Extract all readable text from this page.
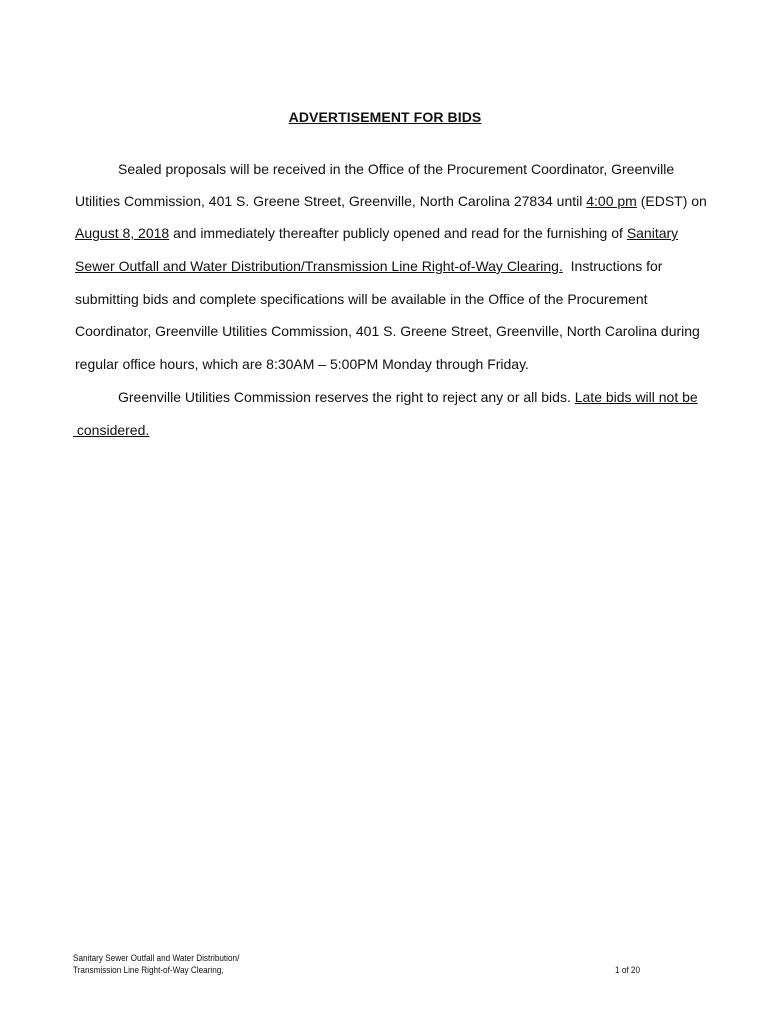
ADVERTISEMENT FOR BIDS
Sealed proposals will be received in the Office of the Procurement Coordinator, Greenville
Utilities Commission, 401 S. Greene Street, Greenville, North Carolina 27834 until 4:00 pm (EDST) on
August 8, 2018 and immediately thereafter publicly opened and read for the furnishing of Sanitary
Sewer Outfall and Water Distribution/Transmission Line Right-of-Way Clearing.  Instructions for
submitting bids and complete specifications will be available in the Office of the Procurement
Coordinator, Greenville Utilities Commission, 401 S. Greene Street, Greenville, North Carolina during
regular office hours, which are 8:30AM – 5:00PM Monday through Friday.
Greenville Utilities Commission reserves the right to reject any or all bids. Late bids will not be
considered.
Sanitary Sewer Outfall and Water Distribution/
Transmission Line Right-of-Way Clearing,	1 of 20
